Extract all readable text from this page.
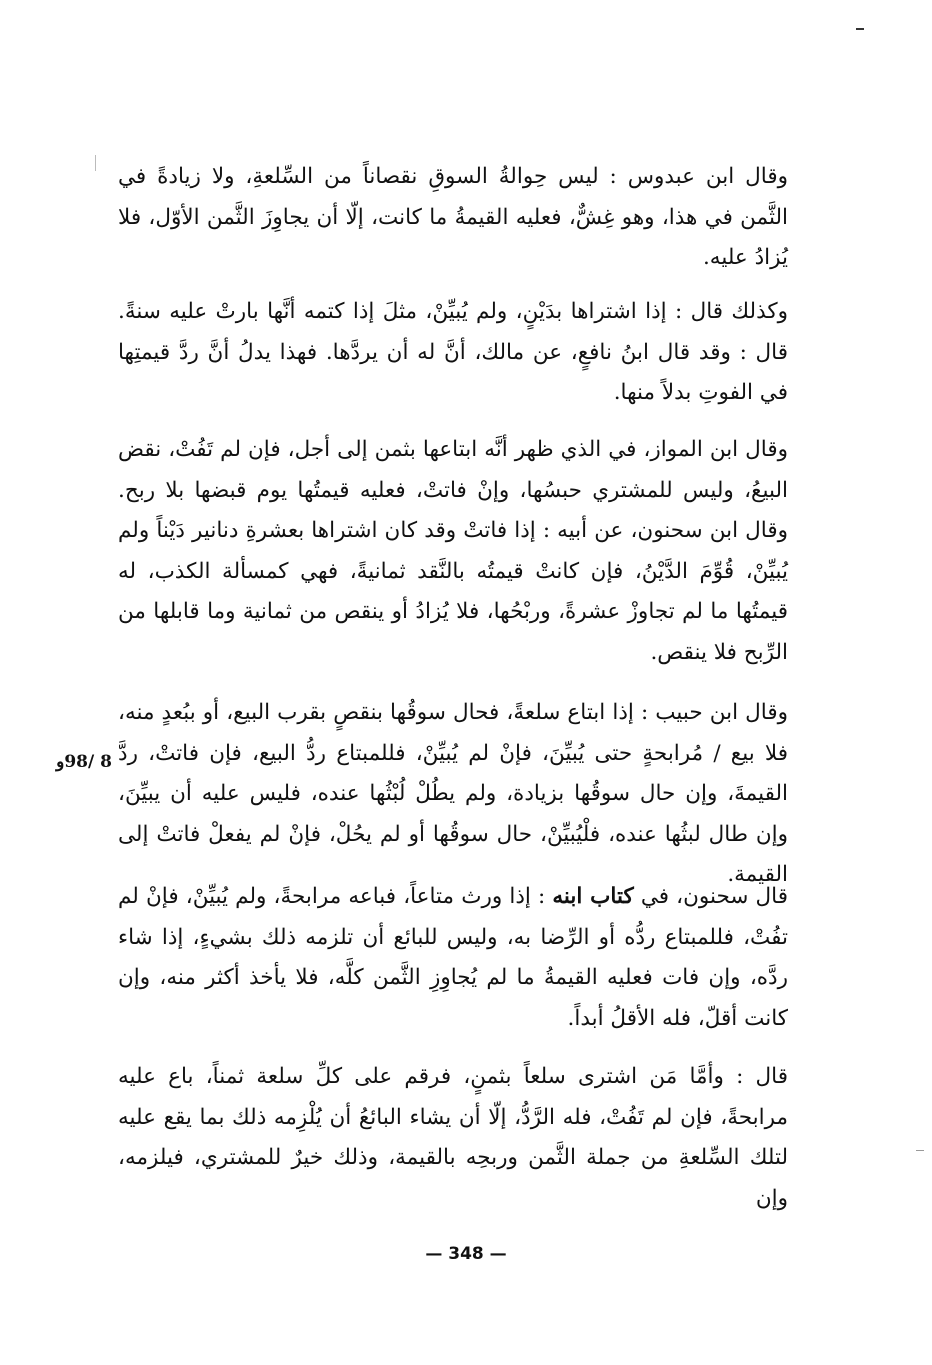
وقال ابن عبدوس : ليس حِوالةُ السوقِ نقصاناً من السِّلعةِ، ولا زيادةً في الثَّمن في هذا، وهو غِشٌّ، فعليه القيمةُ ما كانت، إلّا أن يجاوِزَ الثَّمن الأوّل، فلا يُزادُ عليه.

وكذلك قال : إذا اشتراها بدَيْنٍ، ولم يُبيِّنْ، مثلَ إذا كتمه أنَّها بارتْ عليه سنةً. قال : وقد قال ابنُ نافعٍ، عن مالك، أنَّ له أن يردَّها. فهذا يدلُ أنَّ ردَّ قيمتِها في الفوتِ بدلاً منها.

وقال ابن المواز، في الذي ظهر أنَّه ابتاعها بثمن إلى أجل، فإن لم تَفُتْ، نقض البيعُ، وليس للمشتري حبسُها، وإنْ فاتتْ، فعليه قيمتُها يوم قبضها بلا ربح. وقال ابن سحنون، عن أبيه : إذا فاتتْ وقد كان اشتراها بعشرةِ دنانير دَيْناً ولم يُبيِّنْ، قُوِّمَ الدَّيْنُ، فإن كانتْ قيمتُه بالنَّقد ثمانيةً، فهي كمسألة الكذب، له قيمتُها ما لم تجاوزْ عشرةً، وربْحُها، فلا يُزادُ أو ينقص من ثمانية وما قابلها من الرِّبح فلا ينقص.

وقال ابن حبيب : إذا ابتاع سلعةً، فحال سوقُها بنقصٍ بقرب البيع، أو ببُعدٍ منه، فلا بيع / مُرابحةٍ حتى يُبيِّنَ، فإنْ لم يُبيِّنْ، فللمبتاع ردُّ البيع، فإن فاتتْ، ردَّ القيمةَ، وإن حال سوقُها بزيادة، ولم يطُلْ لُبْثُها عنده، فليس عليه أن يبيِّنَ، وإن طال لبثُها عنده، فلْيُبيِّنْ، حال سوقُها أو لم يحُلْ، فإنْ لم يفعلْ فاتتْ إلى القيمة.

8 /98و

قال سحنون، في كتاب ابنه : إذا ورث متاعاً، فباعه مرابحةً، ولم يُبيِّنْ، فإنْ لم تفُتْ، فللمبتاع ردُّه أو الرِّضا به، وليس للبائع أن تلزمه ذلك بشيءٍ، إذا شاء ردَّه، وإن فات فعليه القيمةُ ما لم يُجاوِزِ الثَّمن كلَّه، فلا يأخذ أكثر منه، وإن كانت أقلّ، فله الأقلُ أبداً.

قال : وأمَّا مَن اشترى سلعاً بثمنٍ، فرقم على كلِّ سلعة ثمناً، باع عليه مرابحةً، فإن لم تَفُتْ، فله الرَّدُّ، إلّا أن يشاء البائعُ أن يُلْزِمه ذلك بما يقع عليه لتلك السِّلعةِ من جملة الثَّمن وربحِه بالقيمة، وذلك خيرٌ للمشتري، فيلزمه، وإن

— 348 —
